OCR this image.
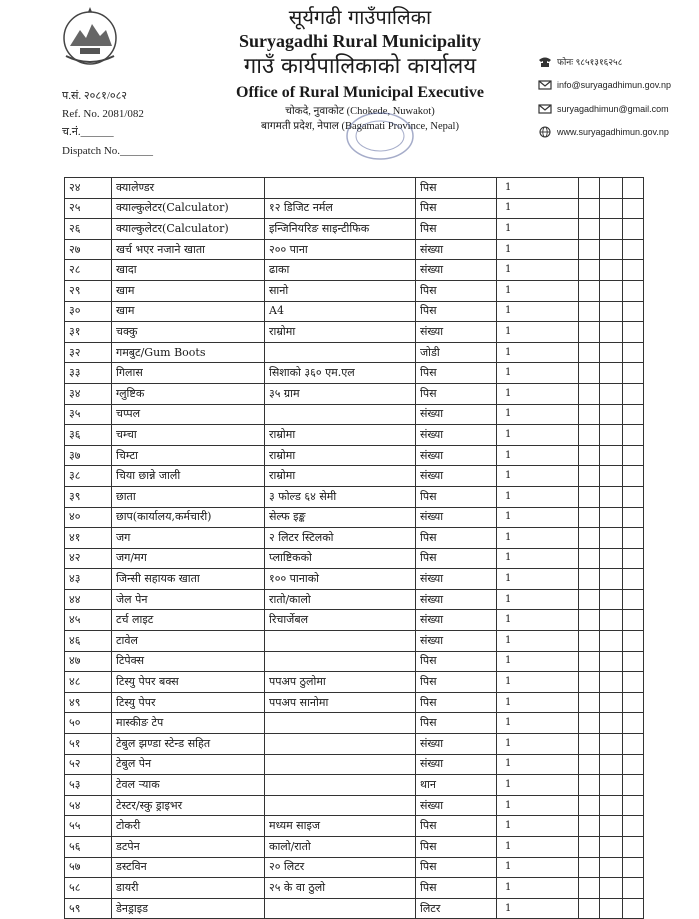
सूर्यगढी गाउँपालिका
Suryagadhi Rural Municipality
गाउँ कार्यपालिकाको कार्यालय
Office of Rural Municipal Executive
चोकदे, नुवाकोट (Chokede, Nuwakot)
बागमती प्रदेश, नेपाल (Bagamati Province, Nepal)
प.सं. २०८१/०८२
Ref. No. 2081/082
च.नं.______
Dispatch No.______
फोनः ९८५१३१६२५८
info@suryagadhimun.gov.np
suryagadhimun@gmail.com
www.suryagadhimun.gov.np
२४	क्यालेण्डर		पिस	1			
२५	क्याल्कुलेटर(Calculator)	१२ डिजिट नर्मल	पिस	1			
२६	क्याल्कुलेटर(Calculator)	इन्जिनियरिङ साइन्टीफिक	पिस	1			
२७	खर्च भएर नजाने खाता	२०० पाना	संख्या	1			
२८	खादा	ढाका	संख्या	1			
२९	खाम	सानो	पिस	1			
३०	खाम	A4	पिस	1			
३१	चक्कु	राम्रोमा	संख्या	1			
३२	गमबुट/Gum Boots		जोडी	1			
३३	गिलास	सिशाको ३६० एम.एल	पिस	1			
३४	ग्लुष्टिक	३५ ग्राम	पिस	1			
३५	चप्पल		संख्या	1			
३६	चम्चा	राम्रोमा	संख्या	1			
३७	चिम्टा	राम्रोमा	संख्या	1			
३८	चिया छान्ने जाली	राम्रोमा	संख्या	1			
३९	छाता	३ फोल्ड ६४ सेमी	पिस	1			
४०	छाप(कार्यालय,कर्मचारी)	सेल्फ इङ्क	संख्या	1			
४१	जग	२ लिटर स्टिलको	पिस	1			
४२	जग/मग	प्लाष्टिकको	पिस	1			
४३	जिन्सी सहायक खाता	१०० पानाको	संख्या	1			
४४	जेल पेन	रातो/कालो	संख्या	1			
४५	टर्च लाइट	रिचार्जेबल	संख्या	1			
४६	टावेल		संख्या	1			
४७	टिपेक्स		पिस	1			
४८	टिस्यु पेपर बक्स	पपअप ठुलोमा	पिस	1			
४९	टिस्यु पेपर	पपअप सानोमा	पिस	1			
५०	मास्कीङ टेप		पिस	1			
५१	टेबुल झण्डा स्टेन्ड सहित		संख्या	1			
५२	टेबुल पेन		संख्या	1			
५३	टेवल र्‍याक		थान	1			
५४	टेस्टर/स्कु ड्राइभर		संख्या	1			
५५	टोकरी	मध्यम साइज	पिस	1			
५६	डटपेन	कालो/रातो	पिस	1			
५७	डस्टविन	२० लिटर	पिस	1			
५८	डायरी	२५ के वा ठुलो	पिस	1			
५९	डेनड्राइड		लिटर	1			
